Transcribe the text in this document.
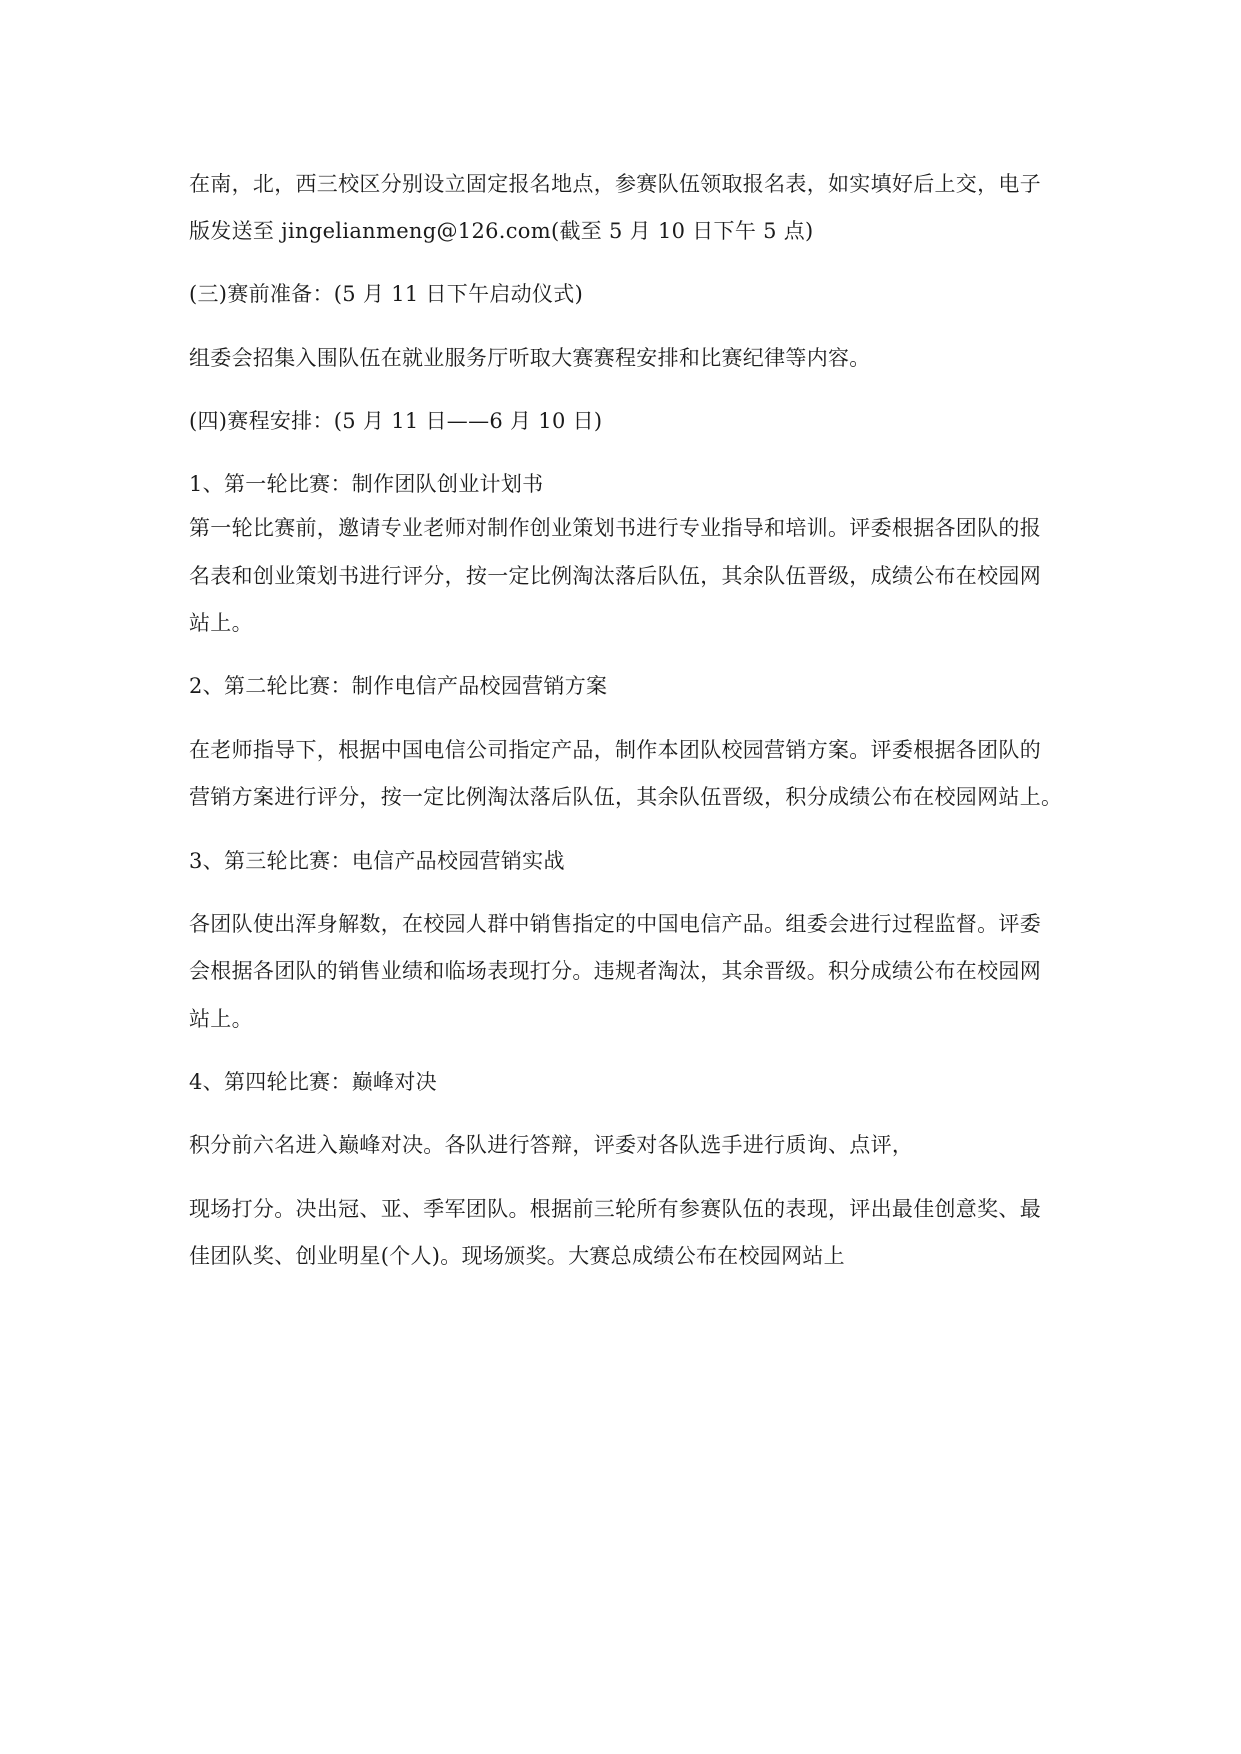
在南，北，西三校区分别设立固定报名地点，参赛队伍领取报名表，如实填好后上交，电子
版发送至 jingelianmeng@126.com(截至 5 月 10 日下午 5 点)
(三)赛前准备：(5 月 11 日下午启动仪式)
组委会招集入围队伍在就业服务厅听取大赛赛程安排和比赛纪律等内容。
(四)赛程安排：(5 月 11 日——6 月 10 日)
1、第一轮比赛：制作团队创业计划书
第一轮比赛前，邀请专业老师对制作创业策划书进行专业指导和培训。评委根据各团队的报
名表和创业策划书进行评分，按一定比例淘汰落后队伍，其余队伍晋级，成绩公布在校园网
站上。
2、第二轮比赛：制作电信产品校园营销方案
在老师指导下，根据中国电信公司指定产品，制作本团队校园营销方案。评委根据各团队的
营销方案进行评分，按一定比例淘汰落后队伍，其余队伍晋级，积分成绩公布在校园网站上。
3、第三轮比赛：电信产品校园营销实战
各团队使出浑身解数，在校园人群中销售指定的中国电信产品。组委会进行过程监督。评委
会根据各团队的销售业绩和临场表现打分。违规者淘汰，其余晋级。积分成绩公布在校园网
站上。
4、第四轮比赛：巅峰对决
积分前六名进入巅峰对决。各队进行答辩，评委对各队选手进行质询、点评，
现场打分。决出冠、亚、季军团队。根据前三轮所有参赛队伍的表现，评出最佳创意奖、最
佳团队奖、创业明星(个人)。现场颁奖。大赛总成绩公布在校园网站上
